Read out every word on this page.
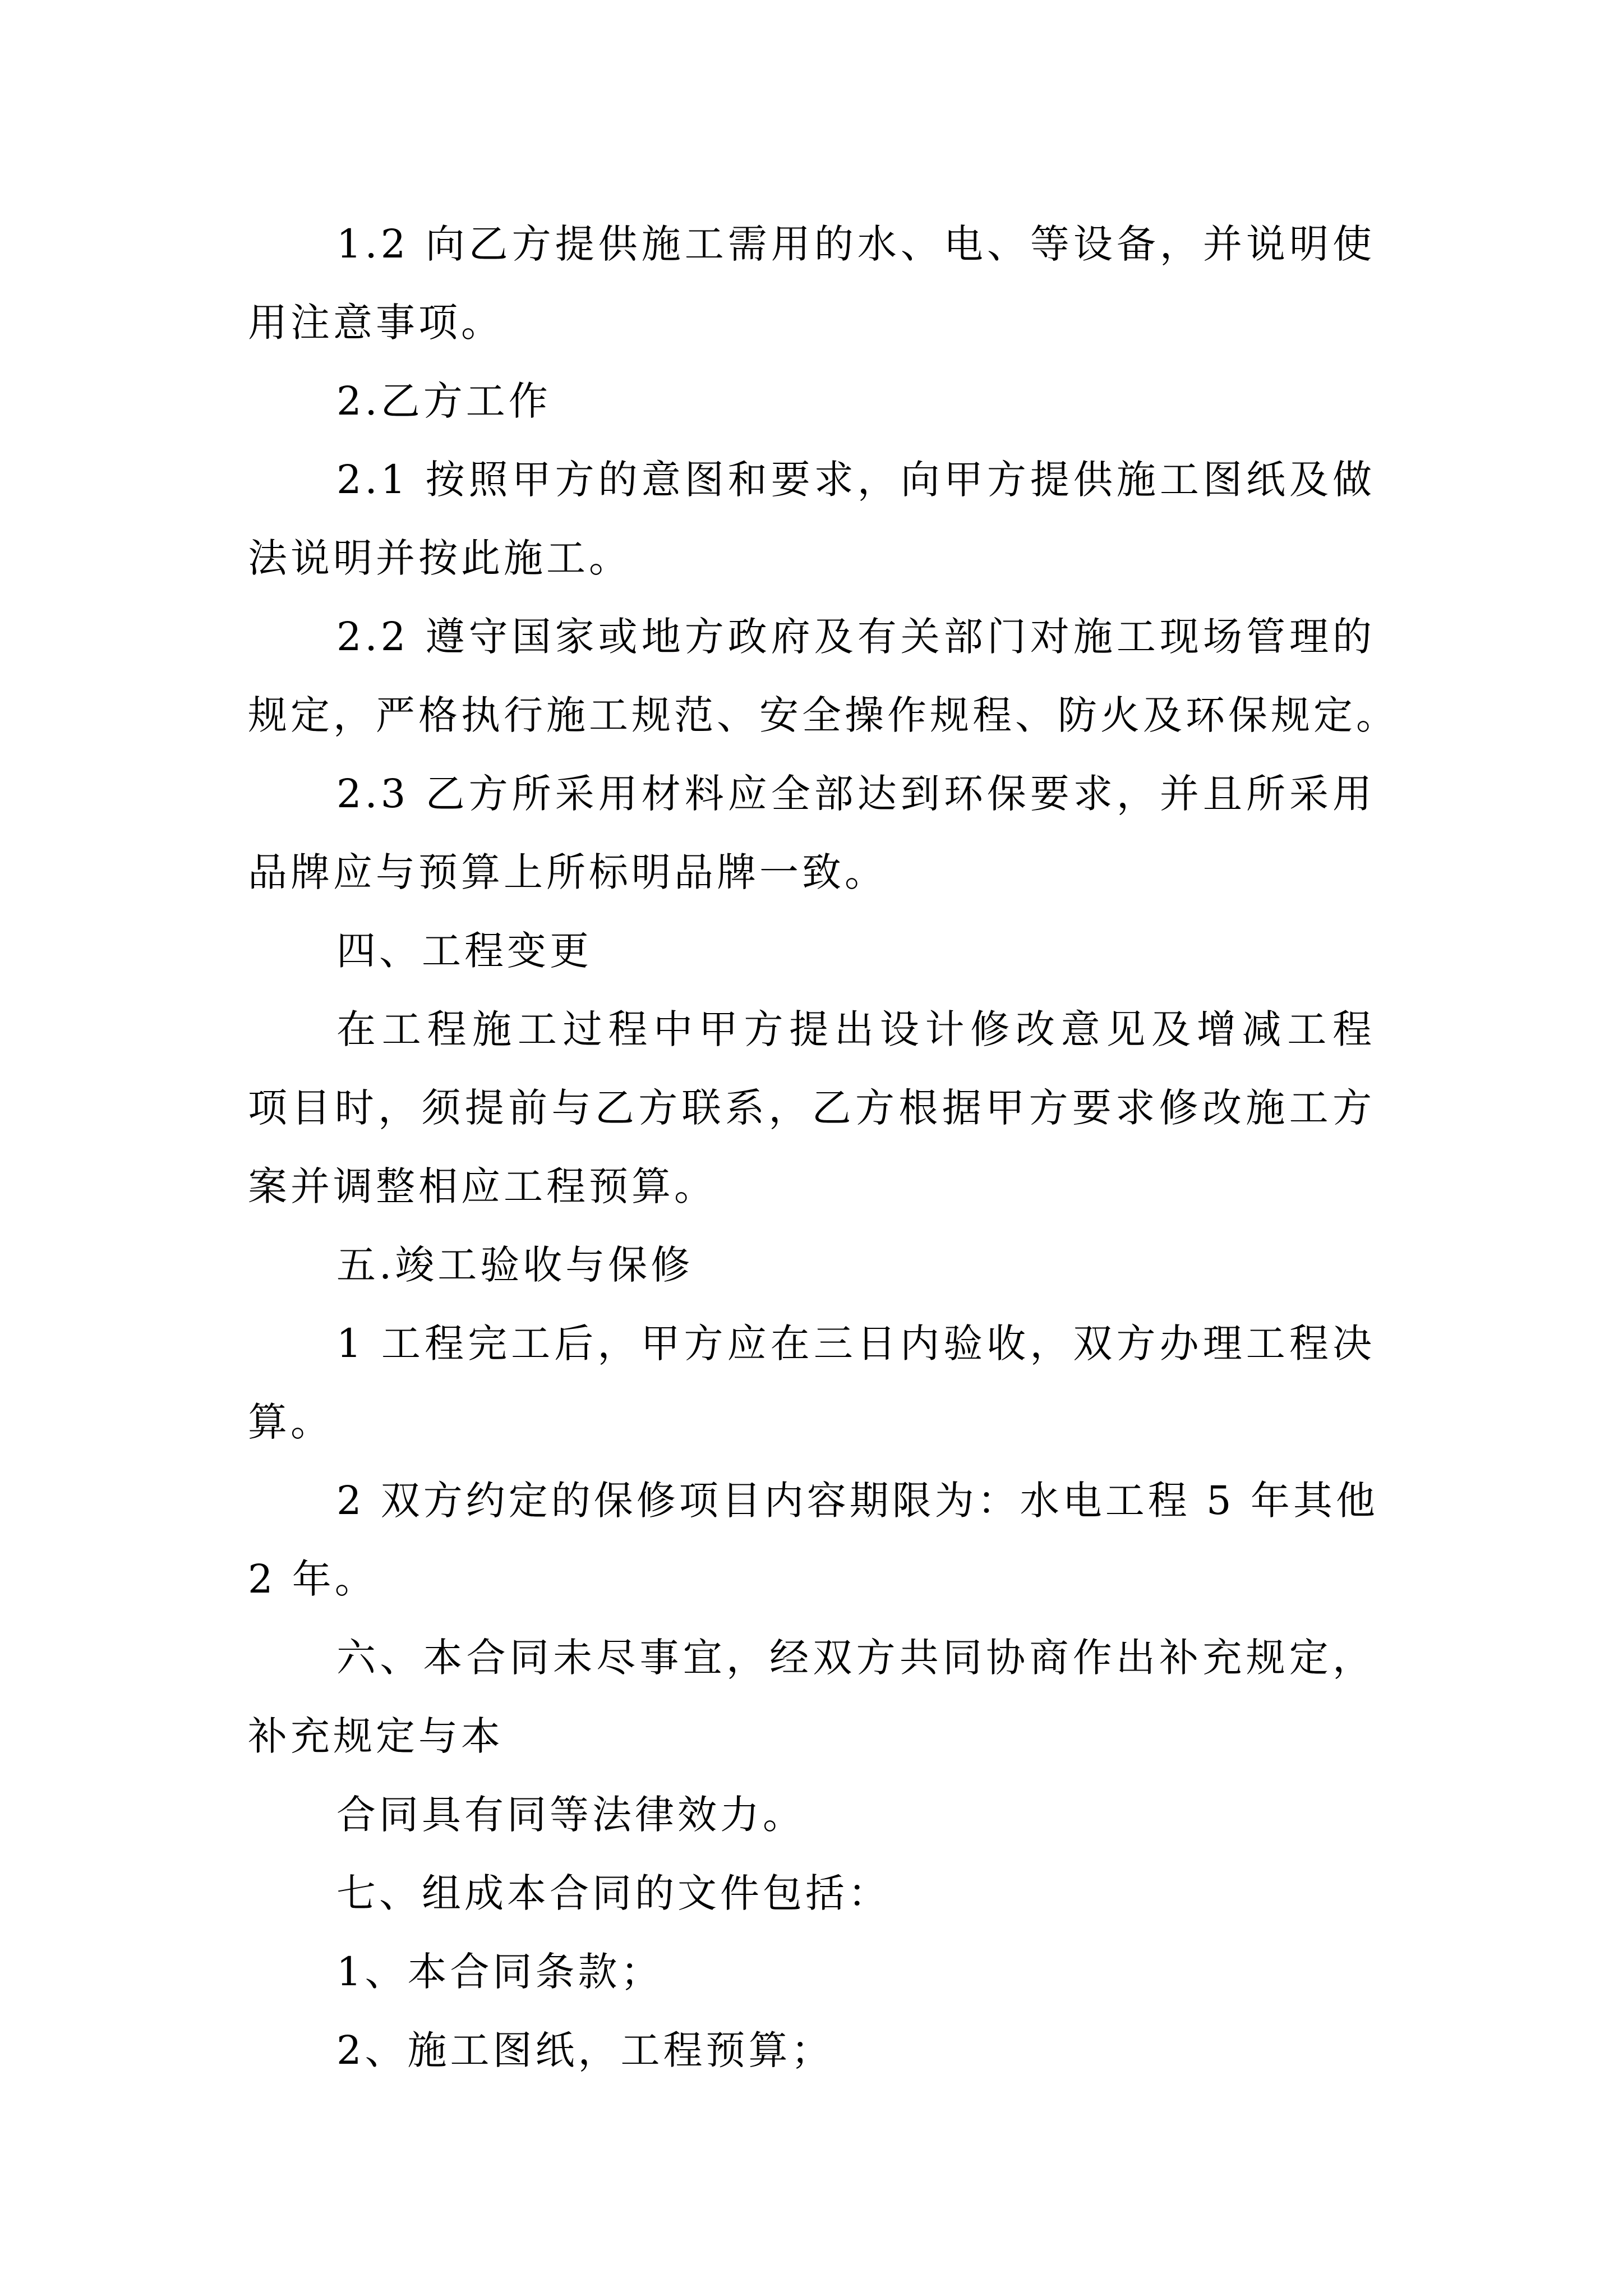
1.2 向乙方提供施工需用的水、电、等设备，并说明使
用注意事项。
2.乙方工作
2.1 按照甲方的意图和要求，向甲方提供施工图纸及做
法说明并按此施工。
2.2 遵守国家或地方政府及有关部门对施工现场管理的
规定，严格执行施工规范、安全操作规程、防火及环保规定。
2.3 乙方所采用材料应全部达到环保要求，并且所采用
品牌应与预算上所标明品牌一致。
四、工程变更
在工程施工过程中甲方提出设计修改意见及增减工程
项目时，须提前与乙方联系，乙方根据甲方要求修改施工方
案并调整相应工程预算。
五.竣工验收与保修
1 工程完工后，甲方应在三日内验收，双方办理工程决
算。
2 双方约定的保修项目内容期限为：水电工程 5 年其他
2 年。
六、本合同未尽事宜，经双方共同协商作出补充规定，
补充规定与本
合同具有同等法律效力。
七、组成本合同的文件包括：
1、本合同条款；
2、施工图纸，工程预算；
